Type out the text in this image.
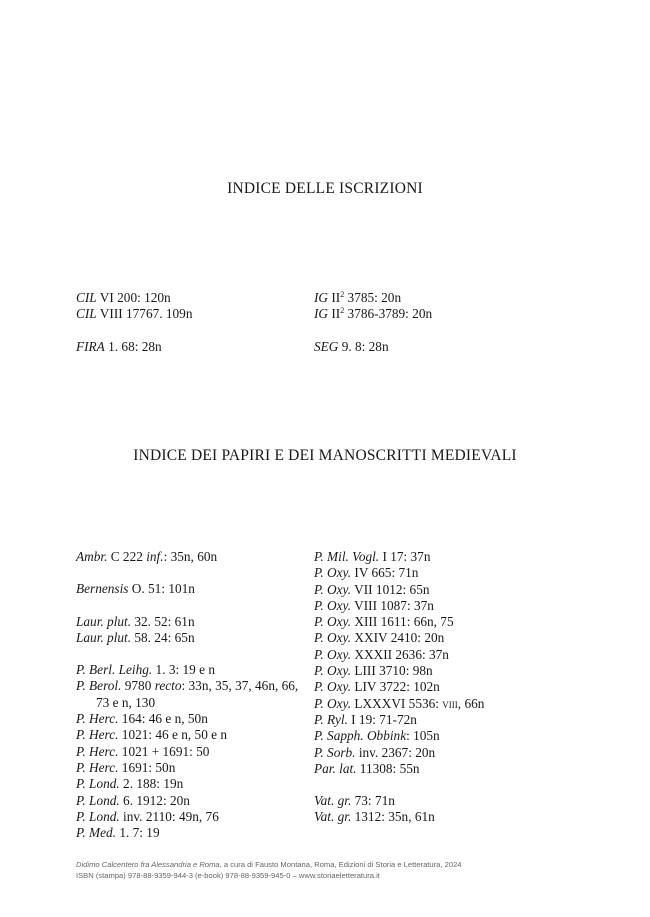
INDICE DELLE ISCRIZIONI
CIL VI 200: 120n
CIL VIII 17767. 109n
FIRA 1. 68: 28n
IG $II^2$ 3785: 20n
IG $II^2$ 3786-3789: 20n
SEG 9. 8: 28n
INDICE DEI PAPIRI E DEI MANOSCRITTI MEDIEVALI
Ambr. C 222 inf.: 35n, 60n
Bernensis O. 51: 101n
Laur. plut. 32. 52: 61n
Laur. plut. 58. 24: 65n
P. Berl. Leihg. 1. 3: 19 e n
P. Berol. 9780 recto: 33n, 35, 37, 46n, 66,
73 e n, 130
P. Herc. 164: 46 e n, 50n
P. Herc. 1021: 46 e n, 50 e n
P. Herc. 1021 + 1691: 50
P. Herc. 1691: 50n
P. Lond. 2. 188: 19n
P. Lond. 6. 1912: 20n
P. Lond. inv. 2110: 49n, 76
P. Med. 1. 7: 19
P. Mil. Vogl. I 17: 37n
P. Oxy. IV 665: 71n
P. Oxy. VII 1012: 65n
P. Oxy. VIII 1087: 37n
P. Oxy. XIII 1611: 66n, 75
P. Oxy. XXIV 2410: 20n
P. Oxy. XXXII 2636: 37n
P. Oxy. LIII 3710: 98n
P. Oxy. LIV 3722: 102n
P. Oxy. LXXXVI 5536: viii, 66n
P. Ryl. I 19: 71-72n
P. Sapph. Obbink: 105n
P. Sorb. inv. 2367: 20n
Par. lat. 11308: 55n
Vat. gr. 73: 71n
Vat. gr. 1312: 35n, 61n
Didimo Calcentero fra Alessandria e Roma, a cura di Fausto Montana, Roma, Edizioni di Storia e Letteratura, 2024
ISBN (stampa) 978-88-9359-944-3 (e-book) 978-88-9359-945-0 – www.storiaeletteratura.it
